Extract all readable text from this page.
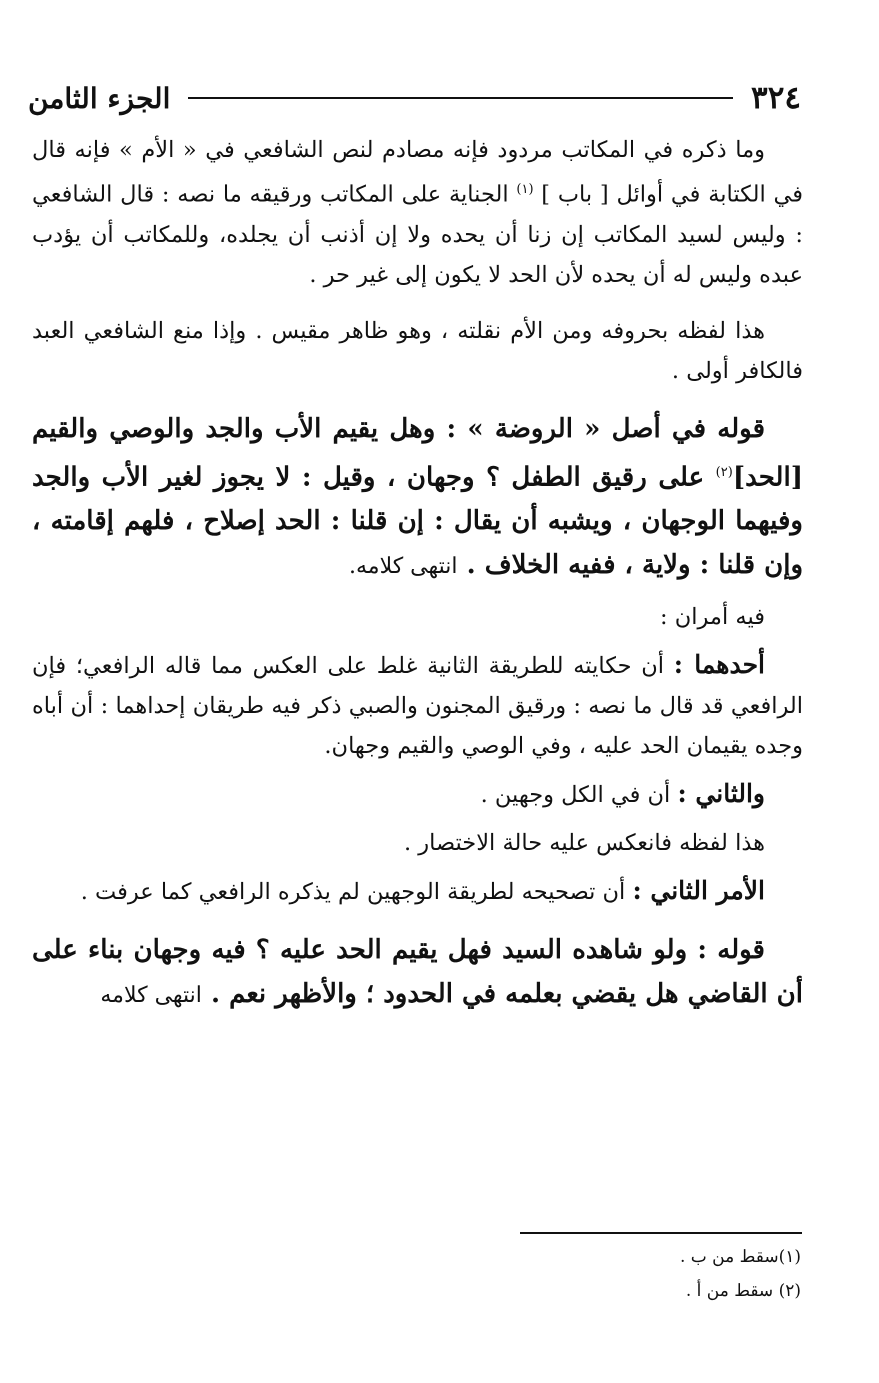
٣٢٤
الجزء الثامن

وما ذكره في المكاتب مردود فإنه مصادم لنص الشافعي في « الأم » فإنه قال في الكتابة في أوائل [ باب ] $^{(١)}$ الجناية على المكاتب ورقيقه ما نصه : قال الشافعي : وليس لسيد المكاتب إن زنا أن يحده ولا إن أذنب أن يجلده، وللمكاتب أن يؤدب عبده وليس له أن يحده لأن الحد لا يكون إلى غير حر .

هذا لفظه بحروفه ومن الأم نقلته ، وهو ظاهر مقيس . وإذا منع الشافعي العبد فالكافر أولى .

قوله في أصل « الروضة » : وهل يقيم الأب والجد والوصي والقيم [الحد]$^{(٢)}$ على رقيق الطفل ؟ وجهان ، وقيل : لا يجوز لغير الأب والجد وفيهما الوجهان ، ويشبه أن يقال : إن قلنا : الحد إصلاح ، فلهم إقامته ، وإن قلنا : ولاية ، ففيه الخلاف . انتهى كلامه.

فيه أمران :

أحدهما : أن حكايته للطريقة الثانية غلط على العكس مما قاله الرافعي؛ فإن الرافعي قد قال ما نصه : ورقيق المجنون والصبي ذكر فيه طريقان إحداهما : أن أباه وجده يقيمان الحد عليه ، وفي الوصي والقيم وجهان.

والثاني : أن في الكل وجهين .

هذا لفظه فانعكس عليه حالة الاختصار .

الأمر الثاني : أن تصحيحه لطريقة الوجهين لم يذكره الرافعي كما عرفت .

قوله : ولو شاهده السيد فهل يقيم الحد عليه ؟ فيه وجهان بناء على أن القاضي هل يقضي بعلمه في الحدود ؛ والأظهر نعم . انتهى كلامه

(١)سقط من ب .

(٢) سقط من أ .
